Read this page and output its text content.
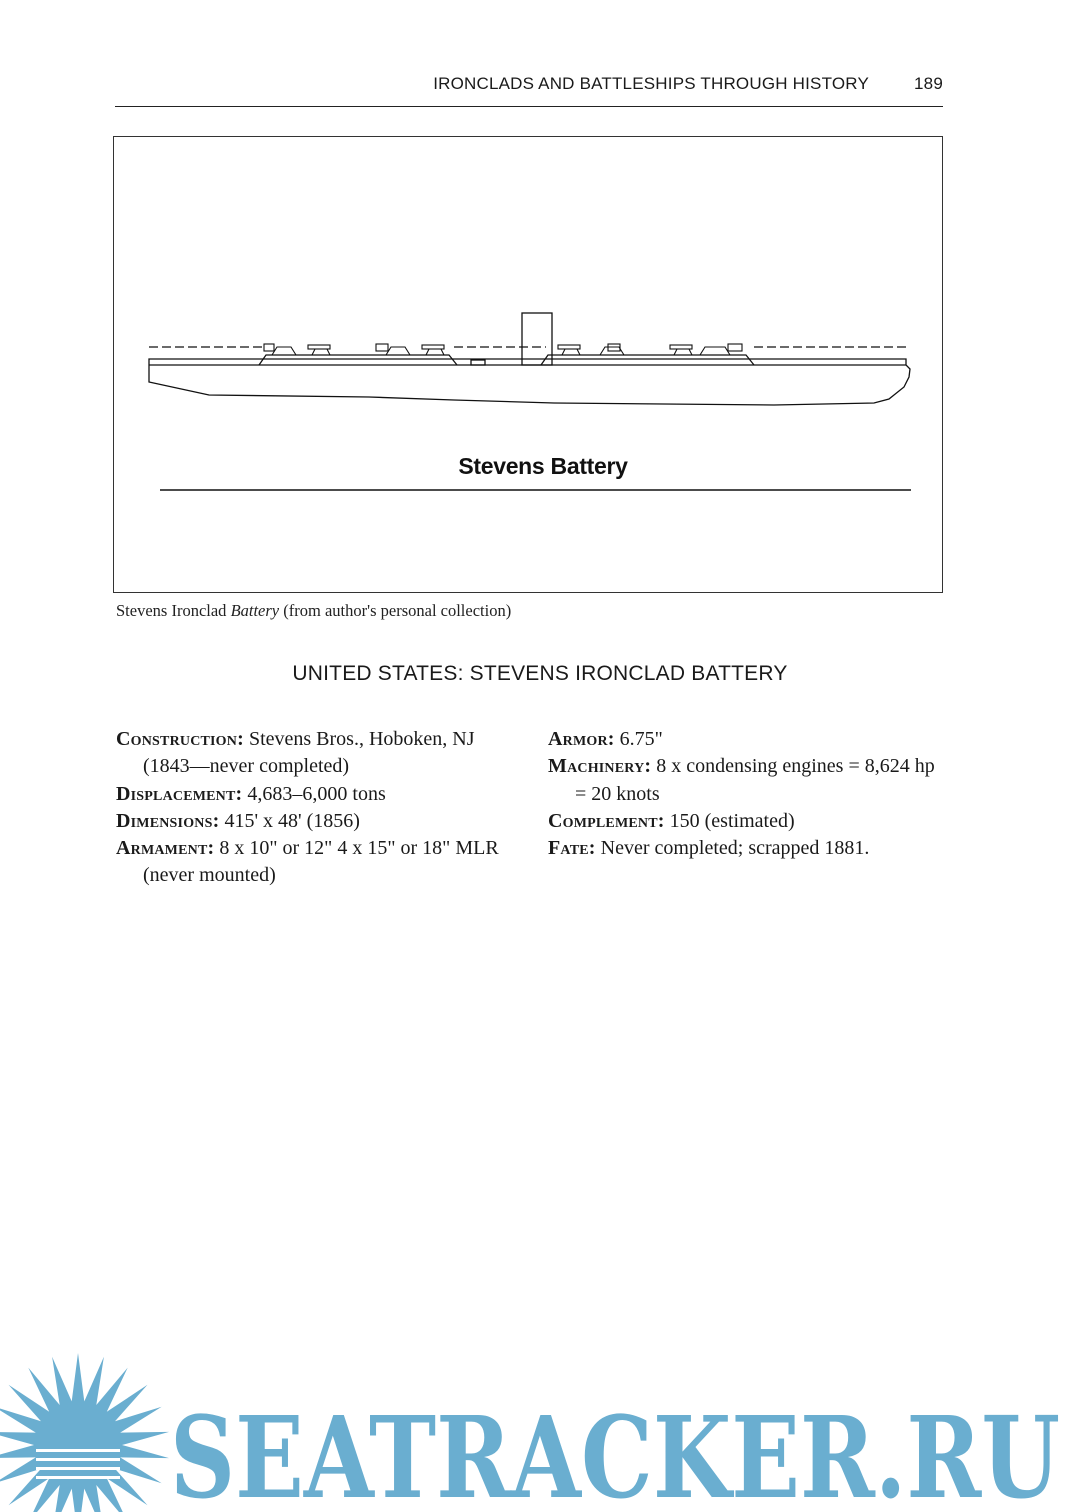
IRONCLADS AND BATTLESHIPS THROUGH HISTORY	189
Stevens Battery
Stevens Ironclad Battery (from author's personal collection)
UNITED STATES: STEVENS IRONCLAD BATTERY
Construction: Stevens Bros., Hoboken, NJ (1843—never completed)
Displacement: 4,683–6,000 tons
Dimensions: 415' x 48' (1856)
Armament: 8 x 10" or 12" 4 x 15" or 18" MLR (never mounted)
Armor: 6.75"
Machinery: 8 x condensing engines = 8,624 hp = 20 knots
Complement: 150 (estimated)
Fate: Never completed; scrapped 1881.
SEATRACKER.RU
